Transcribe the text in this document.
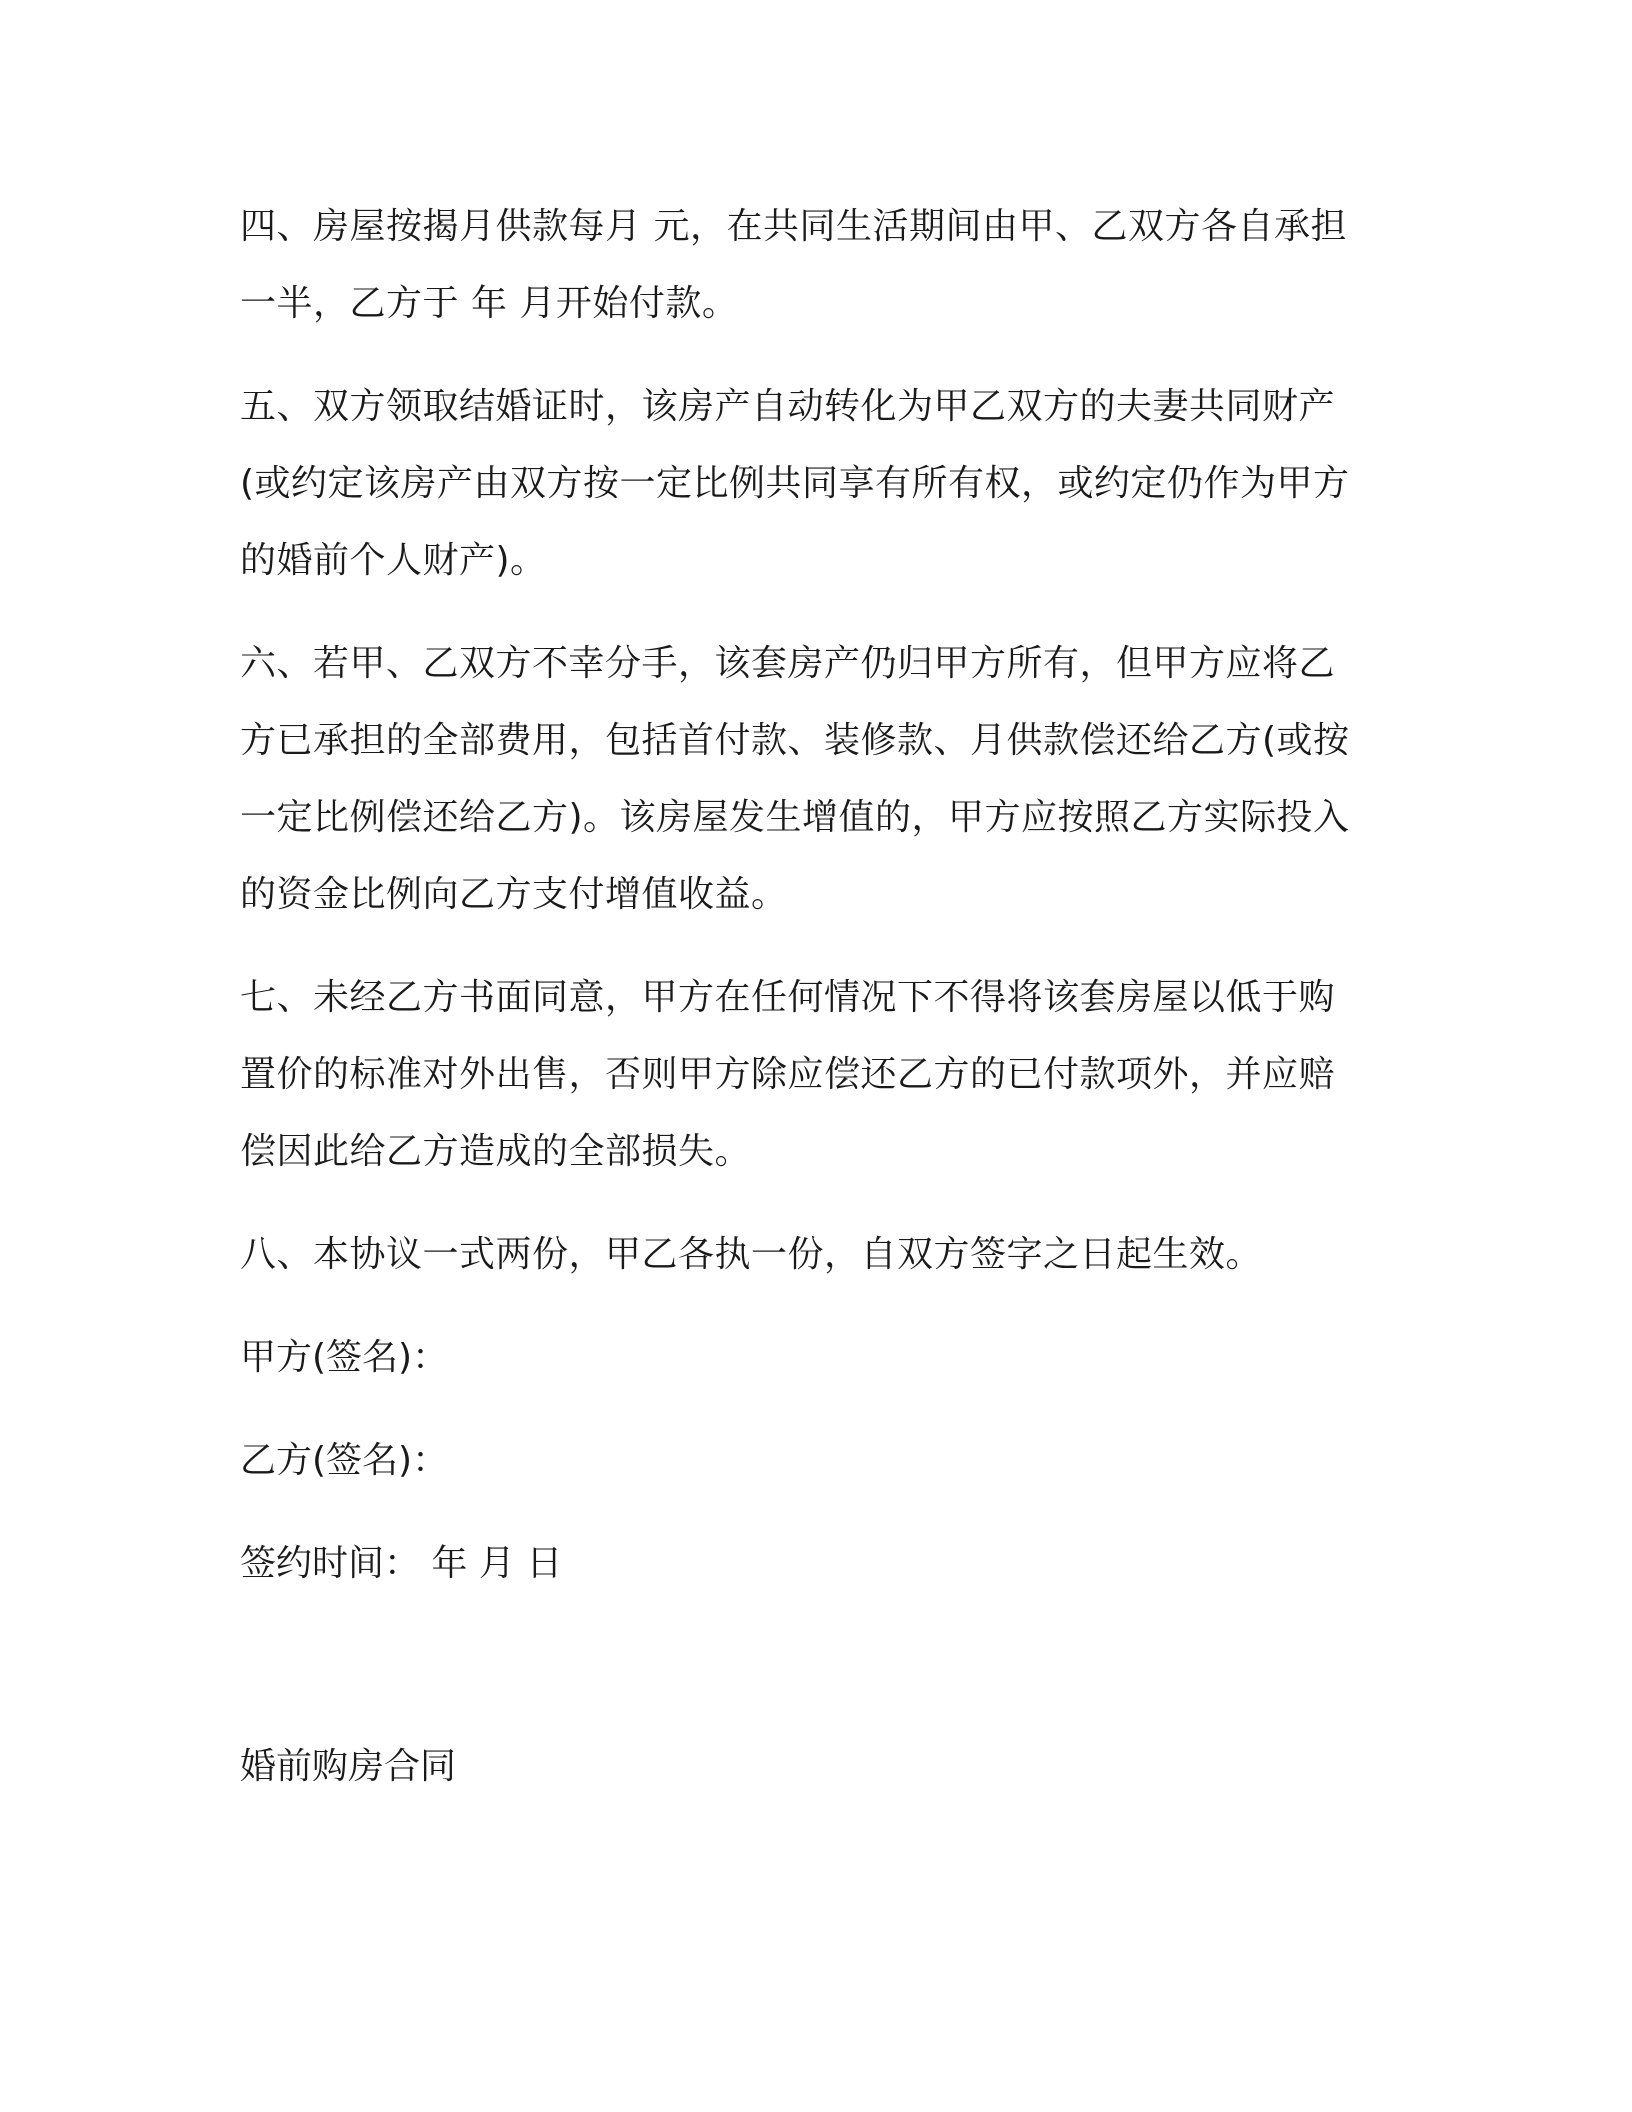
四、房屋按揭月供款每月 元，在共同生活期间由甲、乙双方各自承担
一半，乙方于 年 月开始付款。

五、双方领取结婚证时，该房产自动转化为甲乙双方的夫妻共同财产
(或约定该房产由双方按一定比例共同享有所有权，或约定仍作为甲方
的婚前个人财产)。

六、若甲、乙双方不幸分手，该套房产仍归甲方所有，但甲方应将乙
方已承担的全部费用，包括首付款、装修款、月供款偿还给乙方(或按
一定比例偿还给乙方)。该房屋发生增值的，甲方应按照乙方实际投入
的资金比例向乙方支付增值收益。

七、未经乙方书面同意，甲方在任何情况下不得将该套房屋以低于购
置价的标准对外出售，否则甲方除应偿还乙方的已付款项外，并应赔
偿因此给乙方造成的全部损失。

八、本协议一式两份，甲乙各执一份，自双方签字之日起生效。

甲方(签名)：

乙方(签名)：

签约时间： 年 月 日

婚前购房合同
